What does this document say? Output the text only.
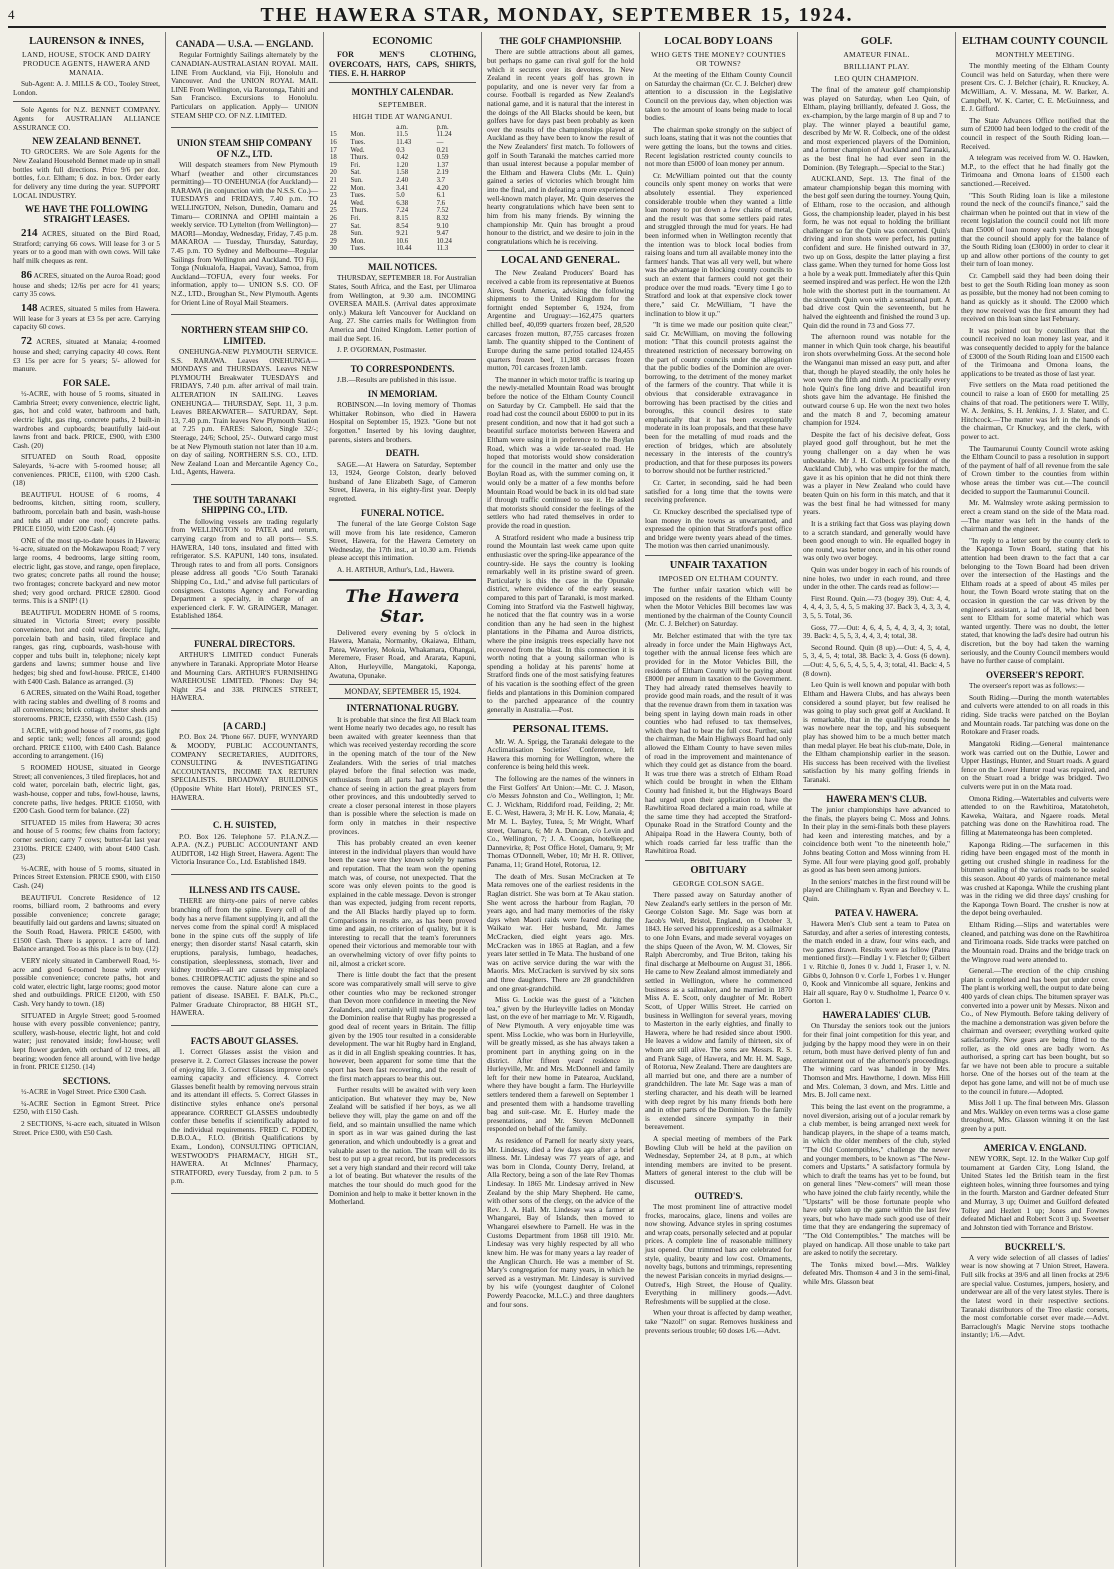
4	THE HAWERA STAR, MONDAY, SEPTEMBER 15, 1924.
LAURENSON & INNES,
LAND, HOUSE, STOCK AND DAIRY PRODUCE AGENTS, HAWERA AND MANAIA.

Sub-Agent: A. J. MILLS & CO., Tooley Street, London.

Sole Agents for N.Z. BENNET COMPANY. Agents for AUSTRALIAN ALLIANCE ASSURANCE CO.

NEW ZEALAND BENNET.

TO GROCERS. We are Sole Agents for the New Zealand Household Bennet made up in small bottles with full directions. Price 9/6 per doz. bottles, f.o.r. Eltham; 6 doz. in box. Order early for delivery any time during the year. SUPPORT LOCAL INDUSTRY.

WE HAVE THE FOLLOWING STRAIGHT LEASES.

214 ACRES, situated on the Bird Road, Stratford; carrying 66 cows. Will lease for 3 or 5 years or to a good man with own cows. Will take half milk cheques as rent.

86 ACRES, situated on the Auroa Road; good house and sheds; 12/6s per acre for 41 years; carry 35 cows.

148 ACRES, situated 5 miles from Hawera. Will lease for 3 years at £3 5s per acre. Carrying capacity 60 cows.

72 ACRES, situated at Manaia; 4-roomed house and shed; carrying capacity 40 cows. Rent £3 15s per acre for 5 years; 5/- allowed for manure.

FOR SALE.

½-ACRE, with house of 5 rooms, situated in Cambria Street; every convenience, electric light, gas, hot and cold water, bathroom and bath, electric light, gas ring, concrete paths, 2 built-in wardrobes and cupboards; beautifully laid-out lawns front and back. PRICE, £900, with £300 Cash. (20)

SITUATED on South Road, opposite Saleyards, ¼-acre with 5-roomed house; all conveniences. PRICE, £1100, with £200 Cash. (18)

BEAUTIFUL HOUSE of 6 rooms, 4 bedrooms, kitchen, sitting room, scullery, bathroom, porcelain bath and basin, wash-house and tubs all under one roof; concrete paths. PRICE £1050, with £200 Cash. (4)

ONE of the most up-to-date houses in Hawera; ¼-acre, situated on the Mokawapou Road; 7 very large rooms, 4 bedrooms, large sitting room, electric light, gas stove, and range, open fireplace, two grates; concrete paths all round the house; two frontages; concrete backyard and new motor shed; very good orchard. PRICE £2800. Good terms. This is a SNIP! (1)

BEAUTIFUL MODERN HOME of 5 rooms, situated in Victoria Street; every possible convenience, hot and cold water, electric light, porcelain bath and basin, tiled fireplace and ranges, gas ring, cupboards, wash-house with copper and tubs built in, telephone; nicely kept gardens and lawns; summer house and live hedges; big shed and fowl-house. PRICE, £1400 with £400 Cash. Balance as arranged. (3)

6 ACRES, situated on the Waihi Road, together with racing stables and dwelling of 8 rooms and all conveniences; brick cottage, shelter sheds and storerooms. PRICE, £2350, with £550 Cash. (15)

1 ACRE, with good house of 7 rooms, gas light and septic tank; well; fences all around; good orchard. PRICE £1100, with £400 Cash. Balance according to arrangement. (16)

5 ROOMED HOUSE, situated in George Street; all conveniences, 3 tiled fireplaces, hot and cold water, porcelain bath, electric light, gas, wash-house, copper and tubs, fowl-house, lawns, concrete paths, live hedges. PRICE £1050, with £200 Cash. Good term for balance. (22)

SITUATED 15 miles from Hawera; 30 acres and house of 5 rooms; few chains from factory; corner section; carry 7 cows; butter-fat last year 2310lbs. PRICE £2400, with about £400 Cash. (23)

½-ACRE, with house of 5 rooms, situated in Princes Street Extension. PRICE £900, with £150 Cash. (24)

BEAUTIFUL Concrete Residence of 12 rooms, billiard room, 2 bathrooms and every possible convenience; concrete garage; beautifully laid out gardens and lawns; situated on the South Road, Hawera. PRICE £4500, with £1500 Cash. There is approx. 1 acre of land. Balance arranged. Too as this place is to buy. (12)

VERY nicely situated in Camberwell Road, ½-acre and good 6-roomed house with every possible convenience; concrete paths, hot and cold water, electric light, large rooms; good motor shed and outbuildings. PRICE £1200, with £50 Cash. Very handy to town. (18)

SITUATED in Argyle Street; good 5-roomed house with every possible convenience; pantry, scullery, wash-house, electric light, hot and cold water; just renovated inside; fowl-house; well kept flower garden, with orchard of 12 trees, all bearing; wooden fence all around, with live hedge in front. PRICE £1250. (14)

SECTIONS.

½-ACRE in Vogel Street. Price £300 Cash.

¼-ACRE Section in Egmont Street. Price £250, with £150 Cash.

2 SECTIONS, ¼-acre each, situated in Wilson Street. Price £300, with £50 Cash.

CANADA — U.S.A. — ENGLAND.

Regular Fortnightly Sailings alternately by the CANADIAN-AUSTRALASIAN ROYAL MAIL LINE From Auckland, via Fiji, Honolulu and Vancouver. And the UNION ROYAL MAIL LINE From Wellington, via Rarotonga, Tahiti and San Francisco. Excursions to Honolulu. Particulars on application. Apply— UNION STEAM SHIP CO. OF N.Z. LIMITED.

UNION STEAM SHIP COMPANY OF N.Z., LTD.

Will despatch steamers from New Plymouth Wharf (weather and other circumstances permitting)— TO ONEHUNGA (for Auckland)— RARAWA (in conjunction with the N.S.S. Co.)— TUESDAYS and FRIDAYS, 7.40 p.m. TO WELLINGTON, Nelson, Dunedin, Oamaru and Timaru— CORINNA and OPIHI maintain a weekly service. TO Lyttelton (from Wellington)— MAORI—Monday, Wednesday, Friday, 7.45 p.m. MAKAROA — Tuesday, Thursday, Saturday, 7.45 p.m. TO Sydney and Melbourne—Regular Sailings from Wellington and Auckland. TO Fiji, Tonga (Nukualofa, Haapai, Vavau), Samoa, from Auckland—TOFUA, every four weeks. For information, apply to— UNION S.S. CO. OF N.Z., LTD., Broughan St., New Plymouth. Agents for Orient Line of Royal Mail Steamers.

NORTHERN STEAM SHIP CO. LIMITED.

ONEHUNGA-NEW PLYMOUTH SERVICE. S.S. RARAWA. Leaves ONEHUNGA— MONDAYS and THURSDAYS. Leaves NEW PLYMOUTH Breakwater TUESDAYS and FRIDAYS, 7.40 p.m. after arrival of mail train. ALTERATION IN SAILING. Leaves ONEHUNGA— THURSDAY, Sept. 11, 3 p.m. Leaves BREAKWATER— SATURDAY, Sept. 13, 7.40 p.m. Train leaves New Plymouth Station at 7.25 p.m. FARES: Saloon, Single 32/-; Steerage, 24/6; School, 25/-. Outward cargo must be at New Plymouth station not later than 10 a.m. on day of sailing. NORTHERN S.S. CO., LTD. New Zealand Loan and Mercantile Agency Co., Ltd., Agents, Hawera.

THE SOUTH TARANAKI SHIPPING CO., LTD.

The following vessels are trading regularly from WELLINGTON to PATEA and return, carrying cargo from and to all ports— S.S. HAWERA, 140 tons, insulated and fitted with refrigerator. S.S. KAPUNI, 140 tons, insulated. Through rates to and from all ports. Consignors please address all goods "C/o South Taranaki Shipping Co., Ltd.," and advise full particulars of consignees. Customs Agency and Forwarding Department a specialty, in charge of an experienced clerk. F. W. GRAINGER, Manager. Established 1864.

FUNERAL DIRECTORS.

ARTHUR'S LIMITED conduct Funerals anywhere in Taranaki. Appropriate Motor Hearse and Mourning Cars. ARTHUR'S FURNISHING WAREHOUSE LIMITED. 'Phones: Day 94; Night 254 and 338. PRINCES STREET, HAWERA.

[A CARD.]

P.O. Box 24. 'Phone 667. DUFF, WYNYARD & MOODY, PUBLIC ACCOUNTANTS, COMPANY SECRETARIES, AUDITORS, CONSULTING & INVESTIGATING ACCOUNTANTS, INCOME TAX RETURN SPECIALISTS. BROADWAY BUILDINGS (Opposite White Hart Hotel), PRINCES ST., HAWERA.

C. H. SUISTED,

P.O. Box 126. Telephone 57. P.I.A.N.Z.—A.P.A. (N.Z.) PUBLIC ACCOUNTANT AND AUDITOR, 142 High Street, Hawera. Agent: The Victoria Insurance Co., Ltd. Established 1849.

ILLNESS AND ITS CAUSE.

THERE are thirty-one pairs of nerve cables branching off from the spine. Every cell of the body has a nerve filament supplying it, and all the nerves come from the spinal cord! A misplaced bone in the spine cuts off the supply of life energy; then disorder starts! Nasal catarrh, skin eruptions, paralysis, lumbago, headaches, constipation, sleeplessness, stomach, liver and kidney troubles—all are caused by misplaced bones. CHIROPRACTIC adjusts the spine and so removes the cause. Nature alone can cure a patient of disease. ISABEL F. BALK, Ph.C., Palmer Graduate Chiropractor, 88 HIGH ST., HAWERA.

FACTS ABOUT GLASSES.

1. Correct Glasses assist the vision and preserve it. 2. Correct Glasses increase the power of enjoying life. 3. Correct Glasses improve one's earning capacity and efficiency. 4. Correct Glasses benefit health by removing nervous strain and its attendant ill effects. 5. Correct Glasses in distinctive styles enhance one's personal appearance. CORRECT GLASSES undoubtedly confer these benefits if scientifically adapted to the individual requirements. FRED C. FODEN, D.B.O.A., F.I.O. (British Qualifications by Exam., London), CONSULTING OPTICIAN, WESTWOOD'S PHARMACY, HIGH ST., HAWERA. At McInnes' Pharmacy, STRATFORD, every Tuesday, from 2 p.m. to 5 p.m.

ECONOMIC

FOR MEN'S CLOTHING, OVERCOATS, HATS, CAPS, SHIRTS, TIES. E. H. HARROP

MONTHLY CALENDAR.
SEPTEMBER.
HIGH TIDE AT WANGANUI.
		a.m.	p.m.
15	Mon.	11.5	11.24
16	Tues.	11.43	—
17	Wed.	0.3	0.21
18	Thurs.	0.42	0.59
19	Fri.	1.20	1.37
20	Sat.	1.58	2.19
21	Sun.	2.40	3.7
22	Mon.	3.41	4.20
23	Tues.	5.0	6.1
24	Wed.	6.38	7.6
25	Thurs.	7.24	7.52
26	Fri.	8.15	8.32
27	Sat.	8.54	9.10
28	Sun.	9.21	9.47
29	Mon.	10.6	10.24
30	Tues.	10.44	11.3
MAIL NOTICES.

THURSDAY, SEPTEMBER 18. For Australian States, South Africa, and the East, per Ulimaroa from Wellington, at 9.30 a.m. INCOMING OVERSEA MAILS. (Arrival dates approximate only.) Makura left Vancouver for Auckland on Aug. 27. She carries mails for Wellington from America and United Kingdom. Letter portion of mail due Sept. 16.

J. P. O'GORMAN, Postmaster.

TO CORRESPONDENTS.

J.B.—Results are published in this issue.

IN MEMORIAM.

ROBINSON.—In loving memory of Thomas Whittaker Robinson, who died in Hawera Hospital on September 15, 1923. "Gone but not forgotten." Inserted by his loving daughter, parents, sisters and brothers.

DEATH.

SAGE.—At Hawera on Saturday, September 13, 1924, George Colston, dearly beloved husband of Jane Elizabeth Sage, of Cameron Street, Hawera, in his eighty-first year. Deeply regretted.

FUNERAL NOTICE.

The funeral of the late George Colston Sage will move from his late residence, Cameron Street, Hawera, for the Hawera Cemetery on Wednesday, the 17th inst., at 10.30 a.m. Friends please accept this intimation.

A. H. ARTHUR, Arthur's, Ltd., Hawera.

The Hawera Star.

Delivered every evening by 5 o'clock in Hawera, Manaia, Normanby, Okaiawa, Eltham, Patea, Waverley, Mokoia, Whakamara, Ohangai, Meremere, Fraser Road, and Ararata, Kapuni, Alton, Hurleyville, Mangatoki, Kaponga, Awatuna, Opunake.

MONDAY, SEPTEMBER 15, 1924.
INTERNATIONAL RUGBY.

It is probable that since the first All Black team went Home nearly two decades ago, no result has been awaited with greater keenness than that which was received yesterday recording the score in the opening match of the tour of the New Zealanders. With the series of trial matches played before the final selection was made, enthusiasts from all parts had a much better chance of seeing in action the great players from other provinces, and this undoubtedly served to create a closer personal interest in those players than is possible where the selection is made on form only in matches in their respective provinces.

This has probably created an even keener interest in the individual players than would have been the case were they known solely by names and reputation. That the team won the opening match was, of course, not unexpected. That the score was only eleven points to the good is explained in the cable message. Devon is stronger than was expected, judging from recent reports, and the All Blacks hardly played up to form. Comparisons in results are, as has been proved time and again, no criterion of quality, but it is interesting to recall that the team's forerunners opened their victorious and memorable tour with an overwhelming victory of over fifty points to nil, almost a cricket score.

There is little doubt the fact that the present score was comparatively small will serve to give other counties who may be reckoned stronger than Devon more confidence in meeting the New Zealanders, and certainly will make the people of the Dominion realise that Rugby has progressed a good deal of recent years in Britain. The fillip given by the 1905 tour resulted in a considerable development. The war hit Rugby hard in England, as it did in all English speaking countries. It has, however, been apparent for some time that the sport has been fast recovering, and the result of the first match appears to bear this out.

Further results will be awaited with very keen anticipation. But whatever they may be, New Zealand will be satisfied if her boys, as we all believe they will, play the game on and off the field, and so maintain unsullied the name which in sport as in war was gained during the last generation, and which undoubtedly is a great and valuable asset to the nation. The team will do its best to put up a great record, but its predecessors set a very high standard and their record will take a lot of beating. But whatever the results of the matches the tour should do much good for the Dominion and help to make it better known in the Motherland.

THE GOLF CHAMPIONSHIP.

There are subtle attractions about all games, but perhaps no game can rival golf for the hold which it secures over its devotees. In New Zealand in recent years golf has grown in popularity, and one is never very far from a course. Football is regarded as New Zealand's national game, and it is natural that the interest in the doings of the All Blacks should be keen, but golfers have for days past been probably as keen over the results of the championships played at Auckland as they have been to know the result of the New Zealanders' first match. To followers of golf in South Taranaki the matches carried more than usual interest because a popular member of the Eltham and Hawera Clubs (Mr. L. Quin) gained a series of victories which brought him into the final, and in defeating a more experienced well-known match player, Mr. Quin deserves the hearty congratulations which have been sent to him from his many friends. By winning the championship Mr. Quin has brought a proud honour to the district, and we desire to join in the congratulations which he is receiving.

LOCAL AND GENERAL.

The New Zealand Producers' Board has received a cable from its representative at Buenos Aires, South America, advising the following shipments to the United Kingdom for the fortnight ended September 6, 1924, from Argentine and Uruguay:—162,475 quarters chilled beef, 40,099 quarters frozen beef, 28,520 carcases frozen mutton, 87,755 carcases frozen lamb. The quantity shipped to the Continent of Europe during the same period totalled 124,455 quarters frozen beef, 11,308 carcases frozen mutton, 701 carcases frozen lamb.

The manner in which motor traffic is tearing up the newly-metalled Mountain Road was brought before the notice of the Eltham County Council on Saturday by Cr. Campbell. He said that the road had cost the council about £6000 to put in its present condition, and now that it had got such a beautiful surface motorists between Hawera and Eltham were using it in preference to the Boylan Road, which was a wide tar-sealed road. He hoped that motorists would show consideration for the council in the matter and only use the Boylan Road as, with the summer coming on, it would only be a matter of a few months before Mountain Road would be back in its old bad state if through traffic continued to use it. He asked that motorists should consider the feelings of the settlers who had rated themselves in order to provide the road in question.

A Stratford resident who made a business trip round the Mountain last week came upon quite enthusiastic over the spring-like appearance of the country-side. He says the country is looking remarkably well in its pristine sward of green. Particularly is this the case in the Opunake district, where evidence of the early season, compared to this part of Taranaki, is most marked. Coming into Stratford via the Fastwell highway, he noticed that the flat country was in a worse condition than any he had seen in the highest plantations in the Pihama and Auroa districts, where the pine insignis trees especially have not recovered from the blast. In this connection it is worth noting that a young sailorman who is spending a holiday at his parents' home at Stratford finds one of the most satisfying features of his vacation is the soothing effect of the green fields and plantations in this Dominion compared to the parched appearance of the country generally in Australia.—Post.

PERSONAL ITEMS.

Mr. W. A. Sprigg, the Taranaki delegate to the Acclimatisation Societies' Conference, left Hawera this morning for Wellington, where the conference is being held this week.

The following are the names of the winners in the First Golfers' Art Union:—Mr. C. J. Mason, c/o Messrs Johnston and Co., Wellington, 1; Mr. C. J. Wickham, Riddiford road, Feilding, 2; Mr. E. C. West, Hawera, 3; Mr H. K. Low, Manaia, 4; Mr M. L. Bayley, Tutea, 5; Mr Wright, Wharf street, Oamaru, 6; Mr A. Duncan, c/o Levin and Co., Wellington, 7; J. A. Coogan, hotelkeeper, Dannevirke, 8; Post Office Hotel, Oamaru, 9; Mr Thomas O'Donnell, Weber, 10; Mr H. R. Olliver, Panama, 11; Grand Hotel, Rotorua, 12.

The death of Mrs. Susan McCracken at Te Mata removes one of the earliest residents in the Raglan district. She was born at Te Akau station. She went across the harbour from Raglan, 70 years ago, and had many memories of the risky days when Maori raids were feared during the Waikato war. Her husband, Mr. James McCracken, died eight years ago. Mrs. McCracken was in 1865 at Raglan, and a few years later settled in Te Mata. The husband of one was on active service during the war with the Maoris. Mrs. McCracken is survived by six sons and three daughters. There are 28 grandchildren and one great-grandchild.

Miss G. Lockie was the guest of a "kitchen tea," given by the Hurleyville ladies on Monday last, on the eve of her marriage to Mr. V. Rigaudh, of New Plymouth. A very enjoyable time was spent. Miss Lockie, who was born in Hurleyville, will be greatly missed, as she has always taken a prominent part in anything going on in the district. After fifteen years' residence in Hurleyville, Mr. and Mrs. McDonnell and family left for their new home in Patearoa, Auckland, where they have bought a farm. The Hurleyville settlers tendered them a farewell on September 1 and presented them with a handsome travelling bag and suit-case. Mr. E. Hurley made the presentations, and Mr. Steven McDonnell responded on behalf of the family.

As residence of Parnell for nearly sixty years, Mr. Lindesay, died a few days ago after a brief illness. Mr. Lindesay was 77 years of age, and was born in Clonda, County Derry, Ireland, at Alla Rectory, being a son of the late Rev Thomas Lindesay. In 1865 Mr. Lindesay arrived in New Zealand by the ship Mary Shepherd. He came, with other sons of the clergy, on the advice of the Rev. J. A. Hall. Mr. Lindesay was a farmer at Whangarei, Bay of Islands, then moved to Whangarei elsewhere to Parnell. He was in the Customs Department from 1868 till 1910. Mr. Lindesay was very highly respected by all who knew him. He was for many years a lay reader of the Anglican Church. He was a member of St. Mary's congregation for many years, in which he served as a vestryman. Mr. Lindesay is survived by his wife (youngest daughter of Colonel Powerdy Peacocke, M.L.C.) and three daughters and four sons.

LOCAL BODY LOANS
WHO GETS THE MONEY? COUNTIES OR TOWNS?

At the meeting of the Eltham County Council on Saturday the chairman (Cr. C. J. Belcher) drew attention to a discussion in the Legislative Council on the previous day, when objection was taken to the amount of loans being made to local bodies.

The chairman spoke strongly on the subject of such loans, stating that it was not the counties that were getting the loans, but the towns and cities. Recent legislation restricted county councils to not more than £5000 of loan money per annum.

Cr. McWilliam pointed out that the county councils only spent money on works that were absolutely essential. They experienced considerable trouble when they wanted a little loan money to put down a few chains of metal, and the result was that some settlers paid rates and struggled through the mud for years. He had been informed when in Wellington recently that the intention was to block local bodies from raising loans and turn all available money into the farmers' hands. That was all very well, but where was the advantage in blocking county councils to such an extent that farmers could not get their produce over the mud roads. "Every time I go to Stratford and look at that expensive clock tower there," said Cr. McWilliam, "I have the inclination to blow it up."

"It is time we made our position quite clear," said Cr. McWilliam, on moving the following motion: "That this council protests against the threatened restriction of necessary borrowing on the part of county councils under the allegation that the public bodies of the Dominion are over-borrowing, to the detriment of the money market of the farmers of the country. That while it is obvious that considerable extravagance in borrowing has been practised by the cities and boroughs, this council desires to state emphatically that it has been exceptionally moderate in its loan proposals, and that these have been for the metalling of mud roads and the erection of bridges, which are absolutely necessary in the interests of the country's production, and that for these purposes its powers to borrow should not be further restricted."

Cr. Carter, in seconding, said he had been satisfied for a long time that the towns were receiving preference.

Cr. Knuckey described the specialised type of loan money in the towns as unwarranted, and expressed the opinion that Stratford's post office and bridge were twenty years ahead of the times. The motion was then carried unanimously.

UNFAIR TAXATION
IMPOSED ON ELTHAM COUNTY.

The further unfair taxation which will be imposed on the residents of the Eltham County when the Motor Vehicles Bill becomes law was mentioned by the chairman of the County Council (Mr. C. J. Belcher) on Saturday.

Mr. Belcher estimated that with the tyre tax already in force under the Main Highways Act, together with the annual license fees which are provided for in the Motor Vehicles Bill, the residents of Eltham County will be paying about £8000 per annum in taxation to the Government. They had already rated themselves heavily to provide good main roads, and the result of it was that the revenue drawn from them in taxation was being spent in laying down main roads in other counties who had refused to tax themselves, which they had to bear the full cost. Further, said the chairman, the Main Highways Board had only allowed the Eltham County to have seven miles of road in the improvement and maintenance of which they could get as distance from the board. It was true there was a stretch of Eltham Road which could be brought in when the Eltham County had finished it, but the Highways Board had urged upon their application to have the Rawhitiroa Road declared a main road, while at the same time they had accepted the Stratford-Opunake Road in the Stratford County and the Ahipaipa Road in the Hawera County, both of which roads carried far less traffic than the Rawhitiroa Road.

OBITUARY
GEORGE COLSON SAGE.

There passed away on Saturday another of New Zealand's early settlers in the person of Mr. George Colston Sage. Mr. Sage was born at Jacob's Well, Bristol, England, on October 3, 1843. He served his apprenticeship as a sailmaker to one John Evans, and made several voyages on the ships Queen of the Avon, W. M. Clowes, Sir Ralph Abercromby, and True Briton, taking his final discharge at Melbourne on August 31, 1866. He came to New Zealand almost immediately and settled in Wellington, where he commenced business as a sailmaker, and he married in 1870 Miss A. E. Scott, only daughter of Mr. Robert Scott, of Upper Willis Street. He carried on business in Wellington for several years, moving to Masterton in the early eighties, and finally to Hawera, where he had resided since about 1900. He leaves a widow and family of thirteen, six of whom are still alive. The sons are Messrs. R. S. and Frank Sage, of Hawera, and Mr. H. M. Sage, of Rotorua, New Zealand. There are daughters are all married but one, and there are a number of grandchildren. The late Mr. Sage was a man of sterling character, and his death will be learned with deep regret by his many friends both here and in other parts of the Dominion. To the family is extended sincere sympathy in their bereavement.

A special meeting of members of the Park Bowling Club will be held at the pavilion on Wednesday, September 24, at 8 p.m., at which intending members are invited to be present. Matters of general interest to the club will be discussed.

OUTRED'S.

The most prominent line of attractive model frocks, marocains, glace, linens and voiles are now showing. Advance styles in spring costumes and wrap coats, personally selected and at popular prices. A complete line of reasonable millinery just opened. Our trimmed hats are celebrated for style, quality, beauty and low cost. Ornaments, novelty bags, buttons and trimmings, representing the newest Parisian conceits in myriad designs.—Outred's, High Street, the House of Quality. Everything in millinery goods.—Advt. Refreshments will be supplied at the close.

When your throat is affected by damp weather, take "Nazol!" on sugar. Removes huskiness and prevents serious trouble; 60 doses 1/6.—Advt.

GOLF.
AMATEUR FINAL.
BRILLIANT PLAY.
LEO QUIN CHAMPION.

The final of the amateur golf championship was played on Saturday, when Leo Quin, of Eltham, playing brilliantly, defeated J. Goss, the ex-champion, by the large margin of 8 up and 7 to play. The winner played a beautiful game, described by Mr W. R. Colbeck, one of the oldest and most experienced players of the Dominion, and a former champion of Auckland and Taranaki, as the best final he had ever seen in the Dominion. (By Telegraph.—Special to the Star.)

AUCKLAND, Sept. 13. The final of the amateur championship began this morning with the best golf seen during the tourney. Young Quin, of Eltham, rose to the occasion, and although Goss, the championship leader, played in his best form, he was not equal to holding the brilliant challenger so far the Quin was concerned. Quin's driving and iron shots were perfect, his putting confident and sure. He finished outward in 37, two up on Goss, despite the latter playing a first class game. When they turned for home Goss lost a hole by a weak putt. Immediately after this Quin seemed inspired and was perfect. He won the 12th hole with the shortest putt in the tournament. At the sixteenth Quin won with a sensational putt. A bad drive cost Quin the seventeenth, but he halved the eighteenth and finished the round 3 up. Quin did the round in 73 and Goss 77.

The afternoon round was notable for the manner in which Quin took charge, his beautiful iron shots overwhelming Goss. At the second hole the Wanganui man missed an easy putt, and after that, though he played steadily, the only holes he won were the fifth and ninth. At practically every hole Quin's fine long drive and beautiful iron shots gave him the advantage. He finished the outward course 6 up. He won the next two holes and the match 8 and 7, becoming amateur champion for 1924.

Despite the fact of his decisive defeat, Goss played good golf throughout, but he met the young challenger on a day when he was unbeatable. Mr J. H. Colbeck (president of the Auckland Club), who was umpire for the match, gave it as his opinion that he did not think there was a player in New Zealand who could have beaten Quin on his form in this match, and that it was the best final he had witnessed for many years.

It is a striking fact that Goss was playing down to a scratch standard, and generally would have been good enough to win. He equalled bogey in one round, was better once, and in his other round was only two over bogey.

Quin was under bogey in each of his rounds of nine holes, two under in each round, and three under in the other. The cards read as follow:—

First Round. Quin.—73 (bogey 39). Out: 4, 4, 4, 4, 4, 3, 5, 4, 5, 5 making 37. Back 3, 4, 3, 3, 4, 3, 5, 5. Total, 36.

Goss, 77.—Out: 4, 6, 4, 5, 4, 4, 3, 4, 3; total, 39. Back: 4, 5, 5, 3, 4, 4, 3, 4; total, 38.

Second Round. Quin (8 up).—Out: 4, 5, 4, 4, 5, 3, 4, 5, 4; total, 38. Back: 3, 4. Goss (6 down).—Out: 4, 5, 6, 5, 4, 5, 5, 4, 3; total, 41. Back: 4, 5 (8 down).

Leo Quin is well known and popular with both Eltham and Hawera Clubs, and has always been considered a sound player, but few realised he was going to play such great golf at Auckland. It is remarkable, that in the qualifying rounds he was nowhere near the top, and his subsequent play has showed him to be a much better match than medal player. He beat his club-mate, Dole, in the Eltham championship earlier in the season. His success has been received with the liveliest satisfaction by his many golfing friends in Taranaki.

HAWERA MEN'S CLUB.

The junior championships have advanced to the finals, the players being C. Moss and Johns. In their play in the semi-finals both these players had keen and interesting matches, and by a coincidence both went "to the nineteenth hole," Johns beating Cotton and Moss winning from H. Syme. All four were playing good golf, probably as good as has been seen among juniors.

In the seniors' matches in the first round will be played are Chilingham v. Ryan and Beechey v. L. Quin.

PATEA V. HAWERA.

Hawera Men's Club sent a team to Patea on Saturday, and after a series of interesting contests, the match ended in a draw, four wins each, and two games drawn. Results were as follow (Patea mentioned first):—Findlay 1 v. Fletcher 0; Gilbert 1 v. Ritchie 0, Jones 0 v. Judd 1, Fraser 1, v. N. Gibbs 0, Johnson 0 v. Corfe 1, Forbes 1 v. Hunger 0, Kook and Vinnicombe all square, Jenkins and Hair all square, Ray 0 v. Studholme 1, Pearce 0 v. Gorton 1.

HAWERA LADIES' CLUB.

On Thursday the seniors took out the juniors for their final joint competition for this year, and judging by the happy mood they were in on their return, both must have derived plenty of fun and entertainment out of the afternoon's proceedings. The winning card was handed in by Mrs. Thomson and Mrs. Hawthorne, 1 down. Miss Hill and Mrs. Coleman, 3 down, and Mrs. Little and Mrs. B. Joll came next.

This being the last event on the programme, a novel diversion, arising out of a jocular remark by a club member, is being arranged next week for handicap players, in the shape of a teams match, in which the older members of the club, styled "The Old Contemptibles," challenge the newer and younger members, to be known as "The New-comers and Upstarts." A satisfactory formula by which to draft the teams has yet to be found, but on general lines "New-comers" will mean those who have joined the club fairly recently, while the "Upstarts" will be those fortunate people who have only taken up the game within the last few years, but who have made such good use of their time that they are endangering the supremacy of "The Old Contemptibles." The matches will be played on handicap. All those unable to take part are asked to notify the secretary.

The Tonks mixed bowl.—Mrs. Walkley defeated Mrs. Thomson 4 and 3 in the semi-final, while Mrs. Glasson beat

ELTHAM COUNTY COUNCIL
MONTHLY MEETING.

The monthly meeting of the Eltham County Council was held on Saturday, when there were present Crs. C. J. Belcher (chair), R. Knuckey, A. McWilliam, A. V. Messana, M. W. Barker, A. Campbell, W. K. Carter, C. E. McGuinness, and E. J. Gifford.

The State Advances Office notified that the sum of £2000 had been lodged to the credit of the council in respect of the South Riding loan.—Received.

A telegram was received from W. O. Hawken, M.P., to the effect that he had finally got the Tirimoana and Omona loans of £1500 each sanctioned.—Received.

"This South Riding loan is like a milestone round the neck of the council's finance," said the chairman when he pointed out that in view of the recent legislation the council could not lift more than £5000 of loan money each year. He thought that the council should apply for the balance of the South Riding loan (£3000) in order to clear it up and allow other portions of the county to get their turn of loan money.

Cr. Campbell said they had been doing their best to get the South Riding loan money as soon as possible, but the money had not been coming to hand as quickly as it should. The £2000 which they now received was the first amount they had received on this loan since last February.

It was pointed out by councillors that the council received no loan money last year, and it was consequently decided to apply for the balance of £3000 of the South Riding loan and £1500 each of the Tirimoana and Omona loans, the applications to be treated as those of last year.

Five settlers on the Mata road petitioned the council to raise a loan of £600 for metalling 25 chains of that road. The petitioners were T. Willy, W. A. Jenkins, S. H. Jenkins, J. J. Slater, and C. Hitchcock.—The matter was left in the hands of the chairman, Cr Knuckey, and the clerk, with power to act.

The Taumarunui County Council wrote asking the Eltham Council to pass a resolution in support of the payment of half of all revenue from the sale of Crown timber to the counties from within whose areas the timber was cut.—The council decided to support the Taumarunui Council.

Mr. M. Walmsley wrote asking permission to erect a cream stand on the side of the Mata road.—The matter was left in the hands of the chairman and the engineer.

"In reply to a letter sent by the county clerk to the Kaponga Town Board, stating that his attention had been drawn to the fact that a car belonging to the Town Board had been driven over the intersection of the Hastings and the Eltham roads at a speed of about 45 miles per hour, the Town Board wrote stating that on the occasion in question the car was driven by the engineer's assistant, a lad of 18, who had been sent to Eltham for some material which was wanted urgently. There was no doubt, the letter stated, that knowing the lad's desire had outrun his discretion, but the boy had taken the warning seriously, and the County Council members would have no further cause of complaint.

OVERSEER'S REPORT.

The overseer's report was as follows:—

South Riding.—During the month watertables and culverts were attended to on all roads in this riding. Side tracks were patched on the Boylan and Mountain roads. Tar patching was done on the Rotokare and Fraser roads.

Mangatoki Riding.—General maintenance work was carried out on the Duthie, Lower and Upper Hastings, Hunter, and Stuart roads. A guard fence on the Lower Hunter road was repaired, and on the Stuart road a bridge was bridged. Two culverts were put in on the Mata road.

Omona Riding.—Watertables and culverts were attended to on the Rawhitiroa, Matatohetoh, Kaweka, Waitara, and Ngaere roads. Metal patching was done on the Rawhitiroa road. The filling at Matemateonga has been completed.

Kaponga Riding.—The surfacemen in this riding have been engaged most of the month in getting out crushed shingle in readiness for the bitumen sealing of the various roads to be sealed this season. About 40 yards of maintenance metal was crushed at Kaponga. While the crushing plant was in the riding we did three days' crushing for the Kaponga Town Board. The crusher is now at the depot being overhauled.

Eltham Riding.—Slips and watertables were cleaned, and patching was done on the Rawhitiroa and Tirimoana roads. Side tracks were patched on the Mountain road. Drains and the bridge track on the Wingrove road were attended to.

General.—The erection of the chip crushing plant is completed and has been put under cover. The plant is working well, the output to date being 400 yards of clean chips. The bitumen sprayer was converted into a power unit by Messrs. Nixon and Co., of New Plymouth. Before taking delivery of the machine a demonstration was given before the chairman and overseer; everything worked quite satisfactorily. New gears are being fitted to the roller, as the old ones are badly worn. As authorised, a spring cart has been bought, but so far we have not been able to procure a suitable horse. One of the horses out of the team at the depot has gone lame, and will not be of much use to the council in future.—Adopted.

Miss Joll 1 up. The final between Mrs. Glasson and Mrs. Walkley on even terms was a close game throughout, Mrs. Glasson winning it on the last green by a putt.

AMERICA V. ENGLAND.

NEW YORK, Sept. 12. In the Walker Cup golf tournament at Garden City, Long Island, the United States led the British team in the first eighteen holes, winning three foursomes and tying in the fourth. Marston and Gardner defeated Sturr and Murray, 3 up; Ouimet and Guilford defeated Tolley and Hezlett 1 up; Jones and Fownes defeated Michael and Robert Scott 3 up. Sweetser and Johnston tied with Torrance and Bristow.

BUCKRELL'S.

A very wide selection of all classes of ladies' wear is now showing at 7 Union Street, Hawera. Full silk frocks at 39/6 and all linen frocks at 29/6 are special value. Costumes, jumpers, hosiery, and underwear are all of the very latest styles. There is the latest word in their respective sections. Taranaki distributors of the Treo elastic corsets, the most comfortable corset ever made.—Advt. Barraclough's Magic Nervine stops toothache instantly; 1/6.—Advt.
